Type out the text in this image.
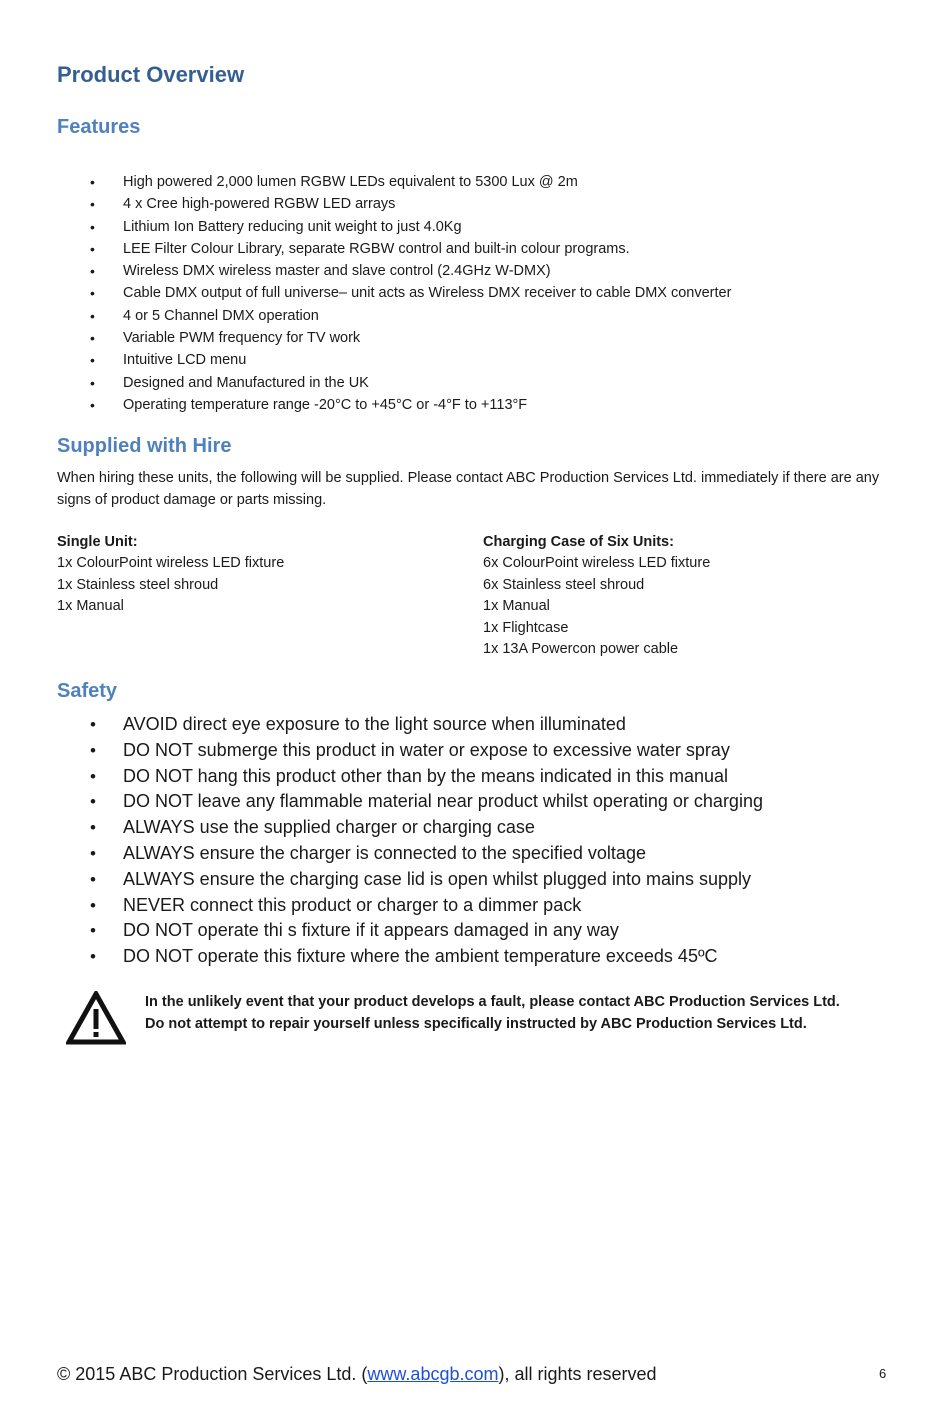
Product Overview
Features
• High powered 2,000 lumen RGBW LEDs equivalent to 5300 Lux @ 2m
• 4 x Cree high-powered RGBW LED arrays
• Lithium Ion Battery reducing unit weight to just 4.0Kg
• LEE Filter Colour Library, separate RGBW control and built-in colour programs.
• Wireless DMX wireless master and slave control (2.4GHz W-DMX)
• Cable DMX output of full universe– unit acts as Wireless DMX receiver to cable DMX converter
• 4 or 5 Channel DMX operation
• Variable PWM frequency for TV work
• Intuitive LCD menu
• Designed and Manufactured in the UK
• Operating temperature range -20°C to +45°C or -4°F to +113°F
Supplied with Hire

When hiring these units, the following will be supplied. Please contact ABC Production Services Ltd. immediately if there are any signs of product damage or parts missing.

Single Unit:
1x ColourPoint wireless LED fixture
1x Stainless steel shroud
1x Manual
Charging Case of Six Units:
6x ColourPoint wireless LED fixture
6x Stainless steel shroud
1x Manual
1x Flightcase
1x 13A Powercon power cable
Safety
• AVOID direct eye exposure to the light source when illuminated
• DO NOT submerge this product in water or expose to excessive water spray
• DO NOT hang this product other than by the means indicated in this manual
• DO NOT leave any flammable material near product whilst operating or charging
• ALWAYS use the supplied charger or charging case
• ALWAYS ensure the charger is connected to the specified voltage
• ALWAYS ensure the charging case lid is open whilst plugged into mains supply
• NEVER connect this product or charger to a dimmer pack
• DO NOT operate thi s fixture if it appears damaged in any way
• DO NOT operate this fixture where the ambient temperature exceeds 45ºC
In the unlikely event that your product develops a fault, please contact ABC Production Services Ltd.
Do not attempt to repair yourself unless specifically instructed by ABC Production Services Ltd.
© 2015 ABC Production Services Ltd. (www.abcgb.com), all rights reserved	6
